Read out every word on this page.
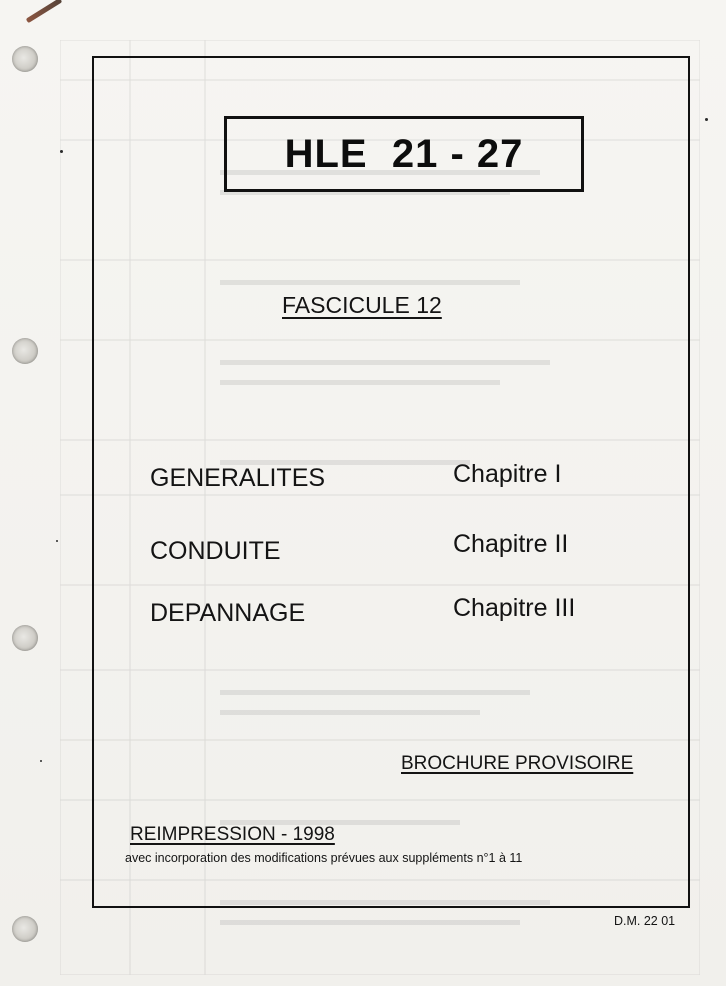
HLE  21 - 27
FASCICULE 12
GENERALITES	Chapitre I
CONDUITE	Chapitre II
DEPANNAGE	Chapitre III
BROCHURE PROVISOIRE
REIMPRESSION - 1998
avec incorporation des modifications prévues aux suppléments n°1 à 11
D.M. 22 01
